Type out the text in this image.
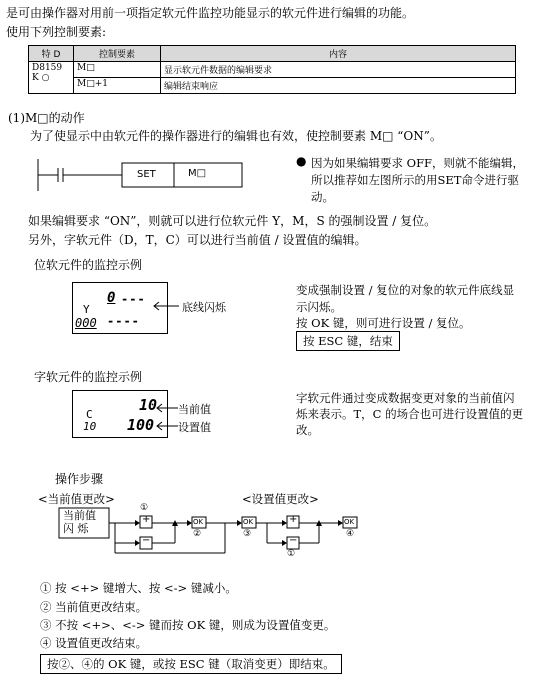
是可由操作器对用前一项指定软元件监控功能显示的软元件进行编辑的功能。
使用下列控制要素:
特 D	控制要素	内容

D8159
K ○	M□	显示软元件数据的编辑要求
	M□+1	编辑结束响应
(1)M□的动作
为了使显示中由软元件的操作器进行的编辑也有效，使控制要素 M□ “ON”。
SET	M□
● 因为如果编辑要求 OFF，则就不能编辑，
所以推荐如左图所示的用SET命令进行驱
动。
如果编辑要求 “ON”，则就可以进行位软元件 Y，M，S 的强制设置 / 复位。
另外，字软元件（D，T，C）可以进行当前值 / 设置值的编辑。
位软元件的监控示例
Y
000
0 ---
----
底线闪烁
变成强制设置 / 复位的对象的软元件底线显
示闪烁。
按 OK 键，则可进行设置 / 复位。
按 ESC 键，结束
字软元件的监控示例
C
10
10
100
当前值
设置值
字软元件通过变成数据变更对象的当前值闪
烁来表示。T，C 的场合也可进行设置值的更
改。
操作步骤
<当前值更改>	<设置值更改>
当前值
闪 烁
+
−
OK	OK	+
−
OK
①
②	③
①
④
① 按 <+> 键增大、按 <-> 键减小。
② 当前值更改结束。
③ 不按 <+>、<-> 键而按 OK 键，则成为设置值变更。
④ 设置值更改结束。
按②、④的 OK 键，或按 ESC 键（取消变更）即结束。
